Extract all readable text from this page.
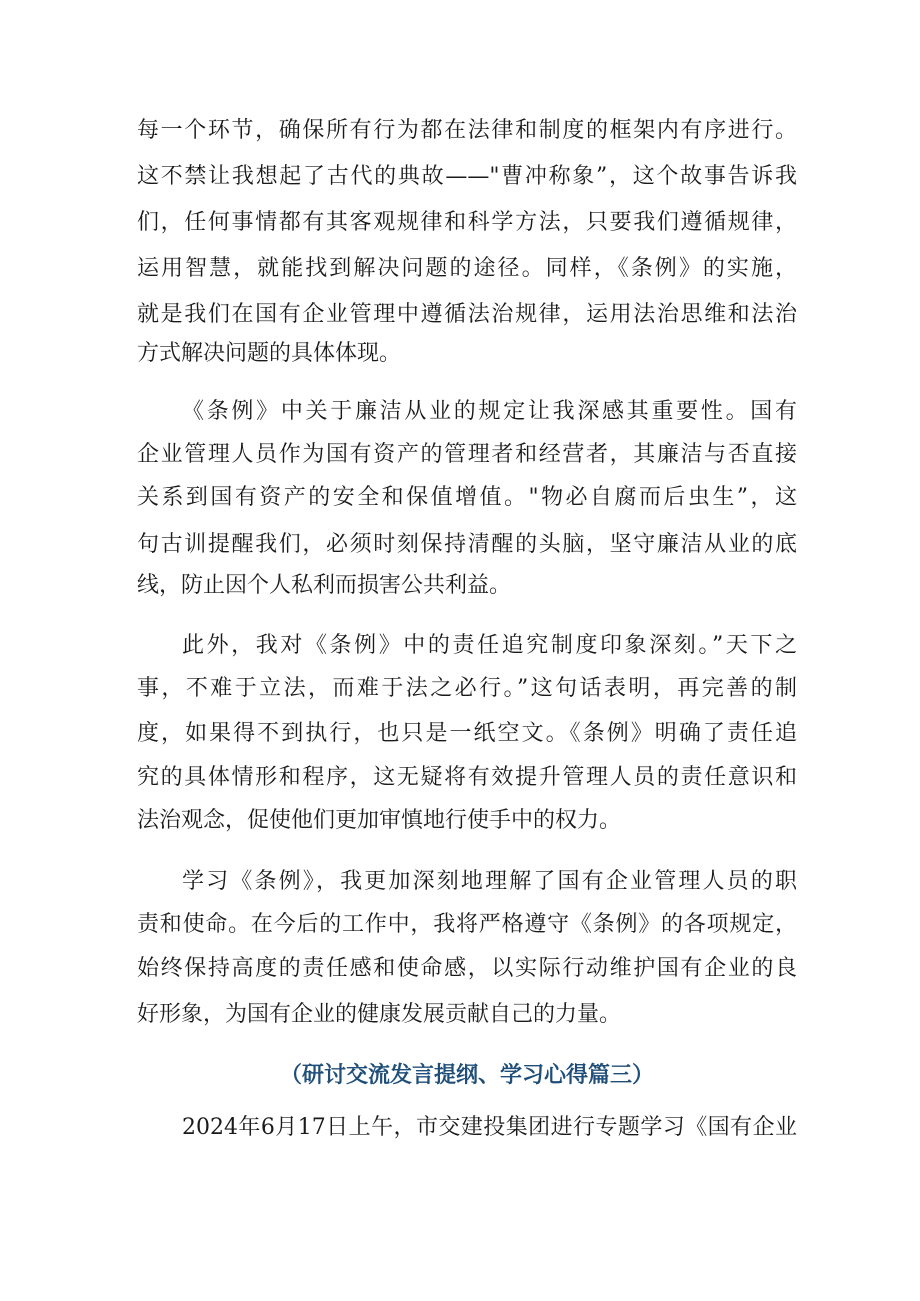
每一个环节，确保所有行为都在法律和制度的框架内有序进行。
这不禁让我想起了古代的典故——"曹冲称象”，这个故事告诉我
们，任何事情都有其客观规律和科学方法，只要我们遵循规律，
运用智慧，就能找到解决问题的途径。同样，《条例》的实施，
就是我们在国有企业管理中遵循法治规律，运用法治思维和法治
方式解决问题的具体体现。
《条例》中关于廉洁从业的规定让我深感其重要性。国有
企业管理人员作为国有资产的管理者和经营者，其廉洁与否直接
关系到国有资产的安全和保值增值。"物必自腐而后虫生”，这
句古训提醒我们，必须时刻保持清醒的头脑，坚守廉洁从业的底
线，防止因个人私利而损害公共利益。
此外，我对《条例》中的责任追究制度印象深刻。”天下之
事，不难于立法，而难于法之必行。”这句话表明，再完善的制
度，如果得不到执行，也只是一纸空文。《条例》明确了责任追
究的具体情形和程序，这无疑将有效提升管理人员的责任意识和
法治观念，促使他们更加审慎地行使手中的权力。
学习《条例》，我更加深刻地理解了国有企业管理人员的职
责和使命。在今后的工作中，我将严格遵守《条例》的各项规定，
始终保持高度的责任感和使命感，以实际行动维护国有企业的良
好形象，为国有企业的健康发展贡献自己的力量。
（研讨交流发言提纲、学习心得篇三）
2024年6月17日上午，市交建投集团进行专题学习《国有企业
